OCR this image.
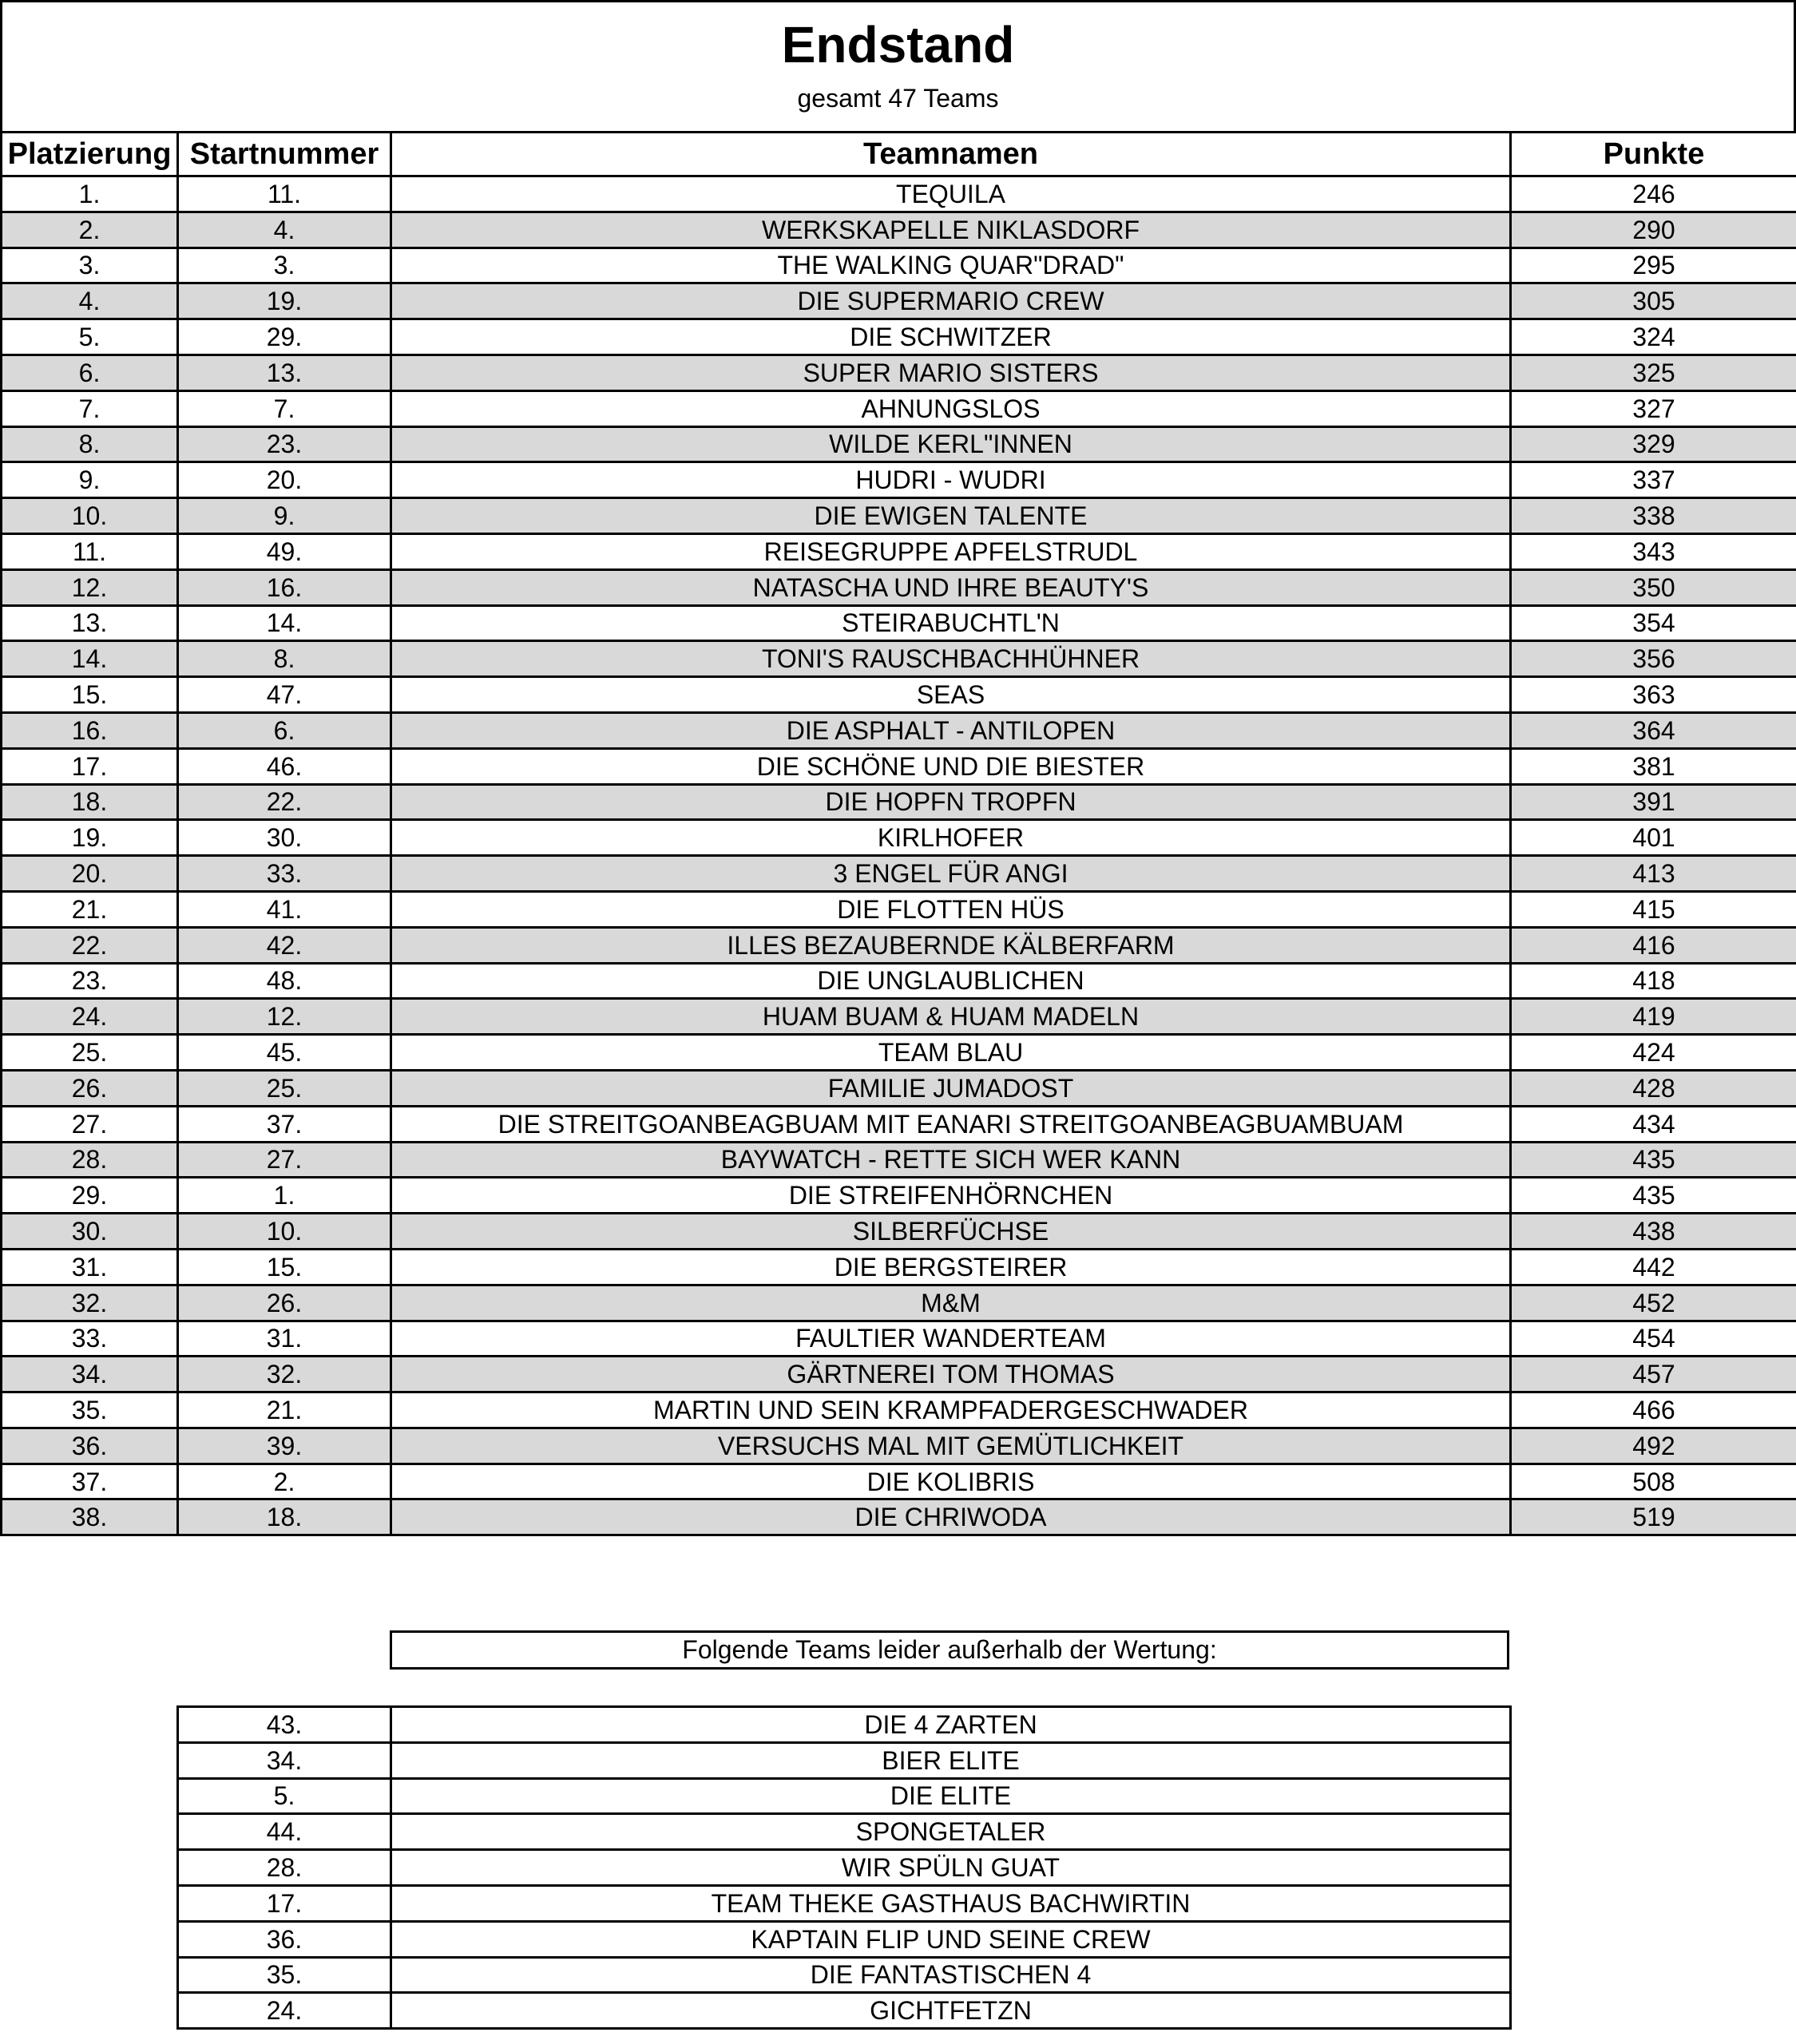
Endstand
gesamt 47 Teams
Platzierung	Startnummer	Teamnamen	Punkte
1.	11.	TEQUILA	246
2.	4.	WERKSKAPELLE NIKLASDORF	290
3.	3.	THE WALKING QUAR"DRAD"	295
4.	19.	DIE SUPERMARIO CREW	305
5.	29.	DIE SCHWITZER	324
6.	13.	SUPER MARIO SISTERS	325
7.	7.	AHNUNGSLOS	327
8.	23.	WILDE KERL"INNEN	329
9.	20.	HUDRI - WUDRI	337
10.	9.	DIE EWIGEN TALENTE	338
11.	49.	REISEGRUPPE APFELSTRUDL	343
12.	16.	NATASCHA UND IHRE BEAUTY'S	350
13.	14.	STEIRABUCHTL'N	354
14.	8.	TONI'S RAUSCHBACHHÜHNER	356
15.	47.	SEAS	363
16.	6.	DIE ASPHALT - ANTILOPEN	364
17.	46.	DIE SCHÖNE UND DIE BIESTER	381
18.	22.	DIE HOPFN TROPFN	391
19.	30.	KIRLHOFER	401
20.	33.	3 ENGEL FÜR ANGI	413
21.	41.	DIE FLOTTEN HÜS	415
22.	42.	ILLES BEZAUBERNDE KÄLBERFARM	416
23.	48.	DIE UNGLAUBLICHEN	418
24.	12.	HUAM BUAM & HUAM MADELN	419
25.	45.	TEAM BLAU	424
26.	25.	FAMILIE JUMADOST	428
27.	37.	DIE STREITGOANBEAGBUAM MIT EANARI STREITGOANBEAGBUAMBUAM	434
28.	27.	BAYWATCH - RETTE SICH WER KANN	435
29.	1.	DIE STREIFENHÖRNCHEN	435
30.	10.	SILBERFÜCHSE	438
31.	15.	DIE BERGSTEIRER	442
32.	26.	M&M	452
33.	31.	FAULTIER WANDERTEAM	454
34.	32.	GÄRTNEREI TOM THOMAS	457
35.	21.	MARTIN UND SEIN KRAMPFADERGESCHWADER	466
36.	39.	VERSUCHS MAL MIT GEMÜTLICHKEIT	492
37.	2.	DIE KOLIBRIS	508
38.	18.	DIE CHRIWODA	519
Folgende Teams leider außerhalb der Wertung:
43.	DIE 4 ZARTEN
34.	BIER ELITE
5.	DIE ELITE
44.	SPONGETALER
28.	WIR SPÜLN GUAT
17.	TEAM THEKE GASTHAUS BACHWIRTIN
36.	KAPTAIN FLIP UND SEINE CREW
35.	DIE FANTASTISCHEN 4
24.	GICHTFETZN
